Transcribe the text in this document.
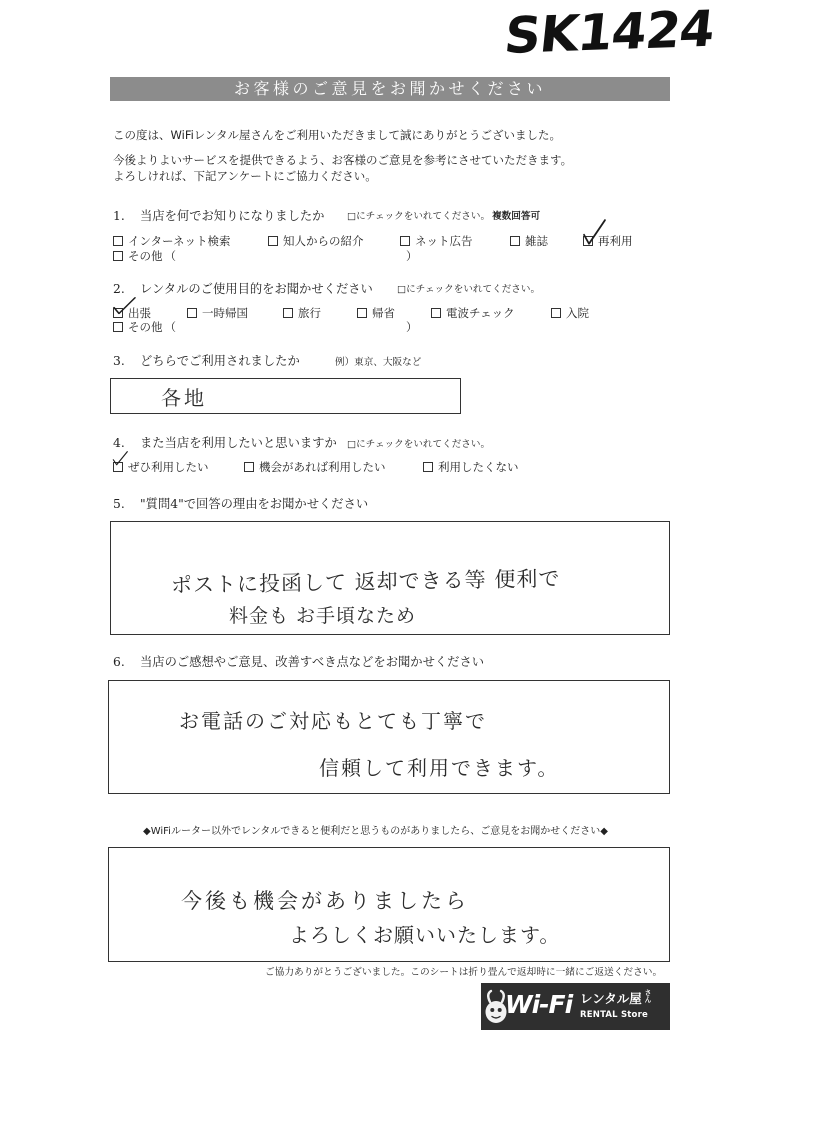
SK1424
お客様のご意見をお聞かせください
この度は、WiFiレンタル屋さんをご利用いただきまして誠にありがとうございました。
今後よりよいサービスを提供できるよう、お客様のご意見を参考にさせていただきます。
よろしければ、下記アンケートにご協力ください。
1. 当店を何でお知りになりましたか □にチェックをいれてください。 複数回答可
インターネット検索	知人からの紹介	ネット広告	雑誌	再利用
その他 （	）
2. レンタルのご使用目的をお聞かせください	□にチェックをいれてください。
出張	一時帰国	旅行	帰省	電波チェック	入院
その他 （	）
3. どちらでご利用されましたか	例）東京、大阪など
各地
4. また当店を利用したいと思いますか □にチェックをいれてください。
ぜひ利用したい	機会があれば利用したい	利用したくない
5. "質問4"で回答の理由をお聞かせください
ポストに投函して 返却できる等 便利で
料金も お手頃なため
6. 当店のご感想やご意見、改善すべき点などをお聞かせください
お電話のご対応もとても丁寧で
信頼して利用できます。
◆WiFiルーター以外でレンタルできると便利だと思うものがありましたら、ご意見をお聞かせください◆
今後も機会がありましたら
よろしくお願いいたします。
ご協力ありがとうございました。このシートは折り畳んで返却時に一緒にご返送ください。
Wi-Fi レンタル屋 さん
RENTAL Store
